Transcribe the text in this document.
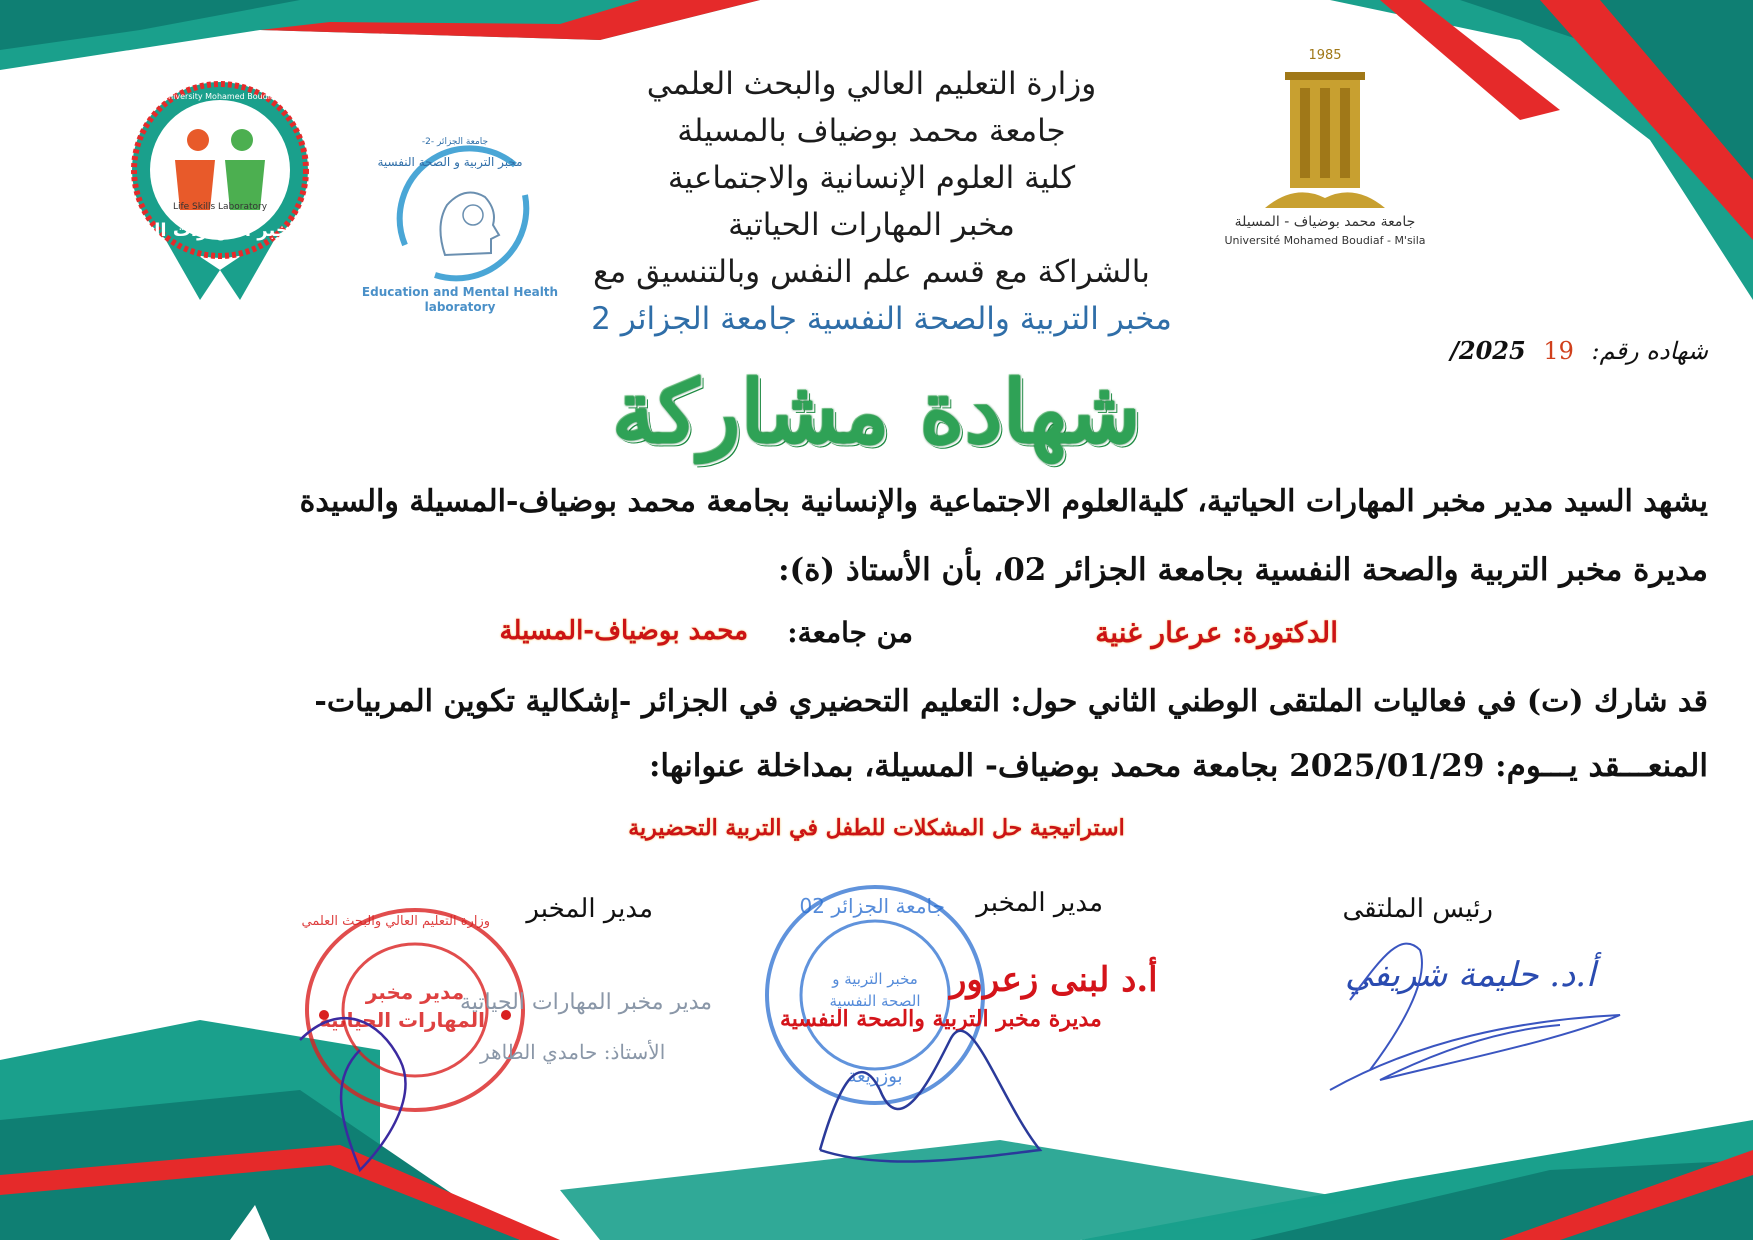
Life Skills Laboratory
مخبر المهارات الحياتية
University Mohamed Boudiaf M'sila
جامعة الجزائر -2-
مخبر التربية و الصحة النفسية
Education and Mental Health
laboratory
1985
جامعة محمد بوضياف - المسيلة
Université Mohamed Boudiaf - M'sila
وزارة التعليم العالي والبحث العلمي
جامعة محمد بوضياف بالمسيلة
كلية العلوم الإنسانية والاجتماعية
مخبر المهارات الحياتية
بالشراكة مع قسم علم النفس وبالتنسيق مع
مخبر التربية والصحة النفسية جامعة الجزائر 2
شهاده رقم: 19 2025/
شهادة مشاركة
يشهد السيد مدير مخبر المهارات الحياتية، كليةالعلوم الاجتماعية والإنسانية بجامعة محمد بوضياف-المسيلة والسيدة
مديرة مخبر التربية والصحة النفسية بجامعة الجزائر 02، بأن الأستاذ (ة):
الدكتورة: عرعار غنية
من جامعة:
محمد بوضياف-المسيلة
قد شارك (ت) في فعاليات الملتقى الوطني الثاني حول: التعليم التحضيري في الجزائر -إشكالية تكوين المربيات-
المنعـــقد يـــوم: 2025/01/29 بجامعة محمد بوضياف- المسيلة، بمداخلة عنوانها:
استراتيجية حل المشكلات للطفل في التربية التحضيرية
رئيس الملتقى
مدير المخبر
مدير المخبر	جامعة الجزائر 02
مخبر التربية و
الصحة النفسية
بوزريعة
وزارة التعليم العالي والبحث العلمي
مدير مخبر
المهارات الحياتية
مدير مخبر المهارات الحياتية
الأستاذ: حامدي الطاهر
أ.د لبنى زعرور
مديرة مخبر التربية والصحة النفسية
أ.د. حليمة شريفي
